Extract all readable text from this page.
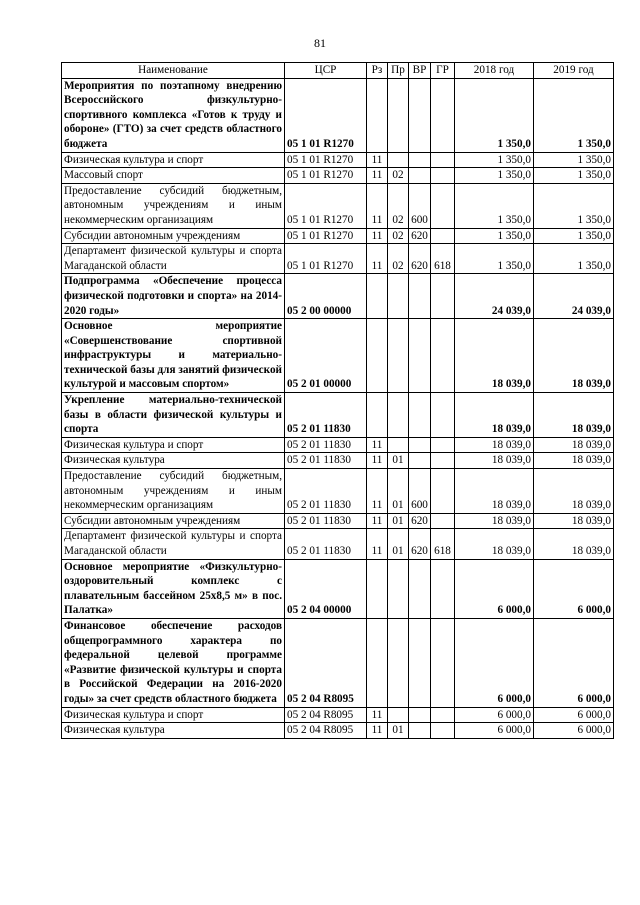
81
Наименование	ЦСР	Рз	Пр	ВР	ГР	2018 год	2019 год
Мероприятия по поэтапному внедрению Всероссийского физкультурно-спортивного комплекса «Готов к труду и обороне» (ГТО) за счет средств областного бюджета	05 1 01 R1270					1 350,0	1 350,0
Физическая культура и спорт	05 1 01 R1270	11				1 350,0	1 350,0
Массовый спорт	05 1 01 R1270	11	02			1 350,0	1 350,0
Предоставление субсидий бюджетным, автономным учреждениям и иным некоммерческим организациям	05 1 01 R1270	11	02	600		1 350,0	1 350,0
Субсидии автономным учреждениям	05 1 01 R1270	11	02	620		1 350,0	1 350,0
Департамент физической культуры и спорта Магаданской области	05 1 01 R1270	11	02	620	618	1 350,0	1 350,0
Подпрограмма «Обеспечение процесса физической подготовки и спорта» на 2014-2020 годы»	05 2 00 00000					24 039,0	24 039,0
Основное мероприятие «Совершенствование спортивной инфраструктуры и материально-технической базы для занятий физической культурой и массовым спортом»	05 2 01 00000					18 039,0	18 039,0
Укрепление материально-технической базы в области физической культуры и спорта	05 2 01 11830					18 039,0	18 039,0
Физическая культура и спорт	05 2 01 11830	11				18 039,0	18 039,0
Физическая культура	05 2 01 11830	11	01			18 039,0	18 039,0
Предоставление субсидий бюджетным, автономным учреждениям и иным некоммерческим организациям	05 2 01 11830	11	01	600		18 039,0	18 039,0
Субсидии автономным учреждениям	05 2 01 11830	11	01	620		18 039,0	18 039,0
Департамент физической культуры и спорта Магаданской области	05 2 01 11830	11	01	620	618	18 039,0	18 039,0
Основное мероприятие «Физкультурно-оздоровительный комплекс с плавательным бассейном 25х8,5 м» в пос. Палатка»	05 2 04 00000					6 000,0	6 000,0
Финансовое обеспечение расходов общепрограммного характера по федеральной целевой программе «Развитие физической культуры и спорта в Российской Федерации на 2016-2020 годы» за счет средств областного бюджета	05 2 04 R8095					6 000,0	6 000,0
Физическая культура и спорт	05 2 04 R8095	11				6 000,0	6 000,0
Физическая культура	05 2 04 R8095	11	01			6 000,0	6 000,0
